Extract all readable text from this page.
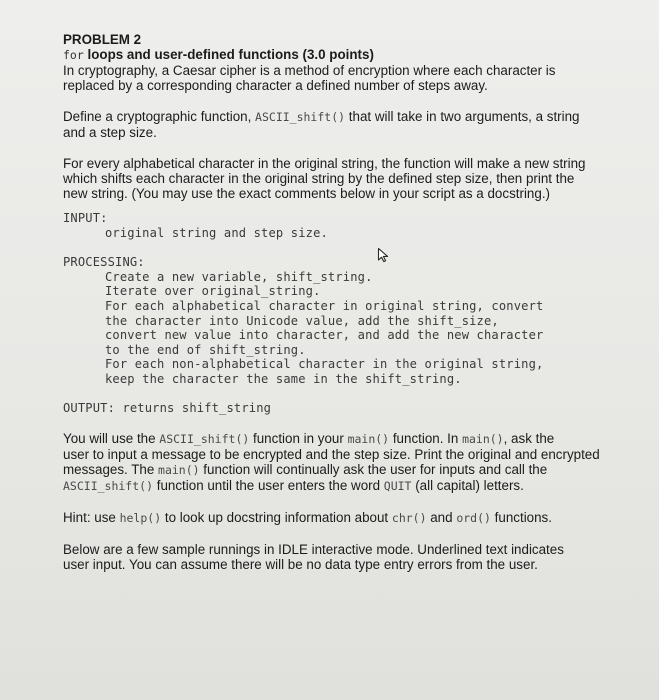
PROBLEM 2

for loops and user-defined functions (3.0 points)

In cryptography, a Caesar cipher is a method of encryption where each character is

replaced by a corresponding character a defined number of steps away.

Define a cryptographic function, ASCII_shift() that will take in two arguments, a string

and a step size.

For every alphabetical character in the original string, the function will make a new string

which shifts each character in the original string by the defined step size, then print the

new string. (You may use the exact comments below in your script as a docstring.)

INPUT:

original string and step size.

PROCESSING:

Create a new variable, shift_string.

Iterate over original_string.

For each alphabetical character in original string, convert

the character into Unicode value, add the shift_size,

convert new value into character, and add the new character

to the end of shift_string.

For each non-alphabetical character in the original string,

keep the character the same in the shift_string.

OUTPUT: returns shift_string

You will use the ASCII_shift() function in your main() function. In main(), ask the

user to input a message to be encrypted and the step size. Print the original and encrypted

messages. The main() function will continually ask the user for inputs and call the

ASCII_shift() function until the user enters the word QUIT (all capital) letters.

Hint: use help() to look up docstring information about chr() and ord() functions.

Below are a few sample runnings in IDLE interactive mode. Underlined text indicates

user input. You can assume there will be no data type entry errors from the user.
